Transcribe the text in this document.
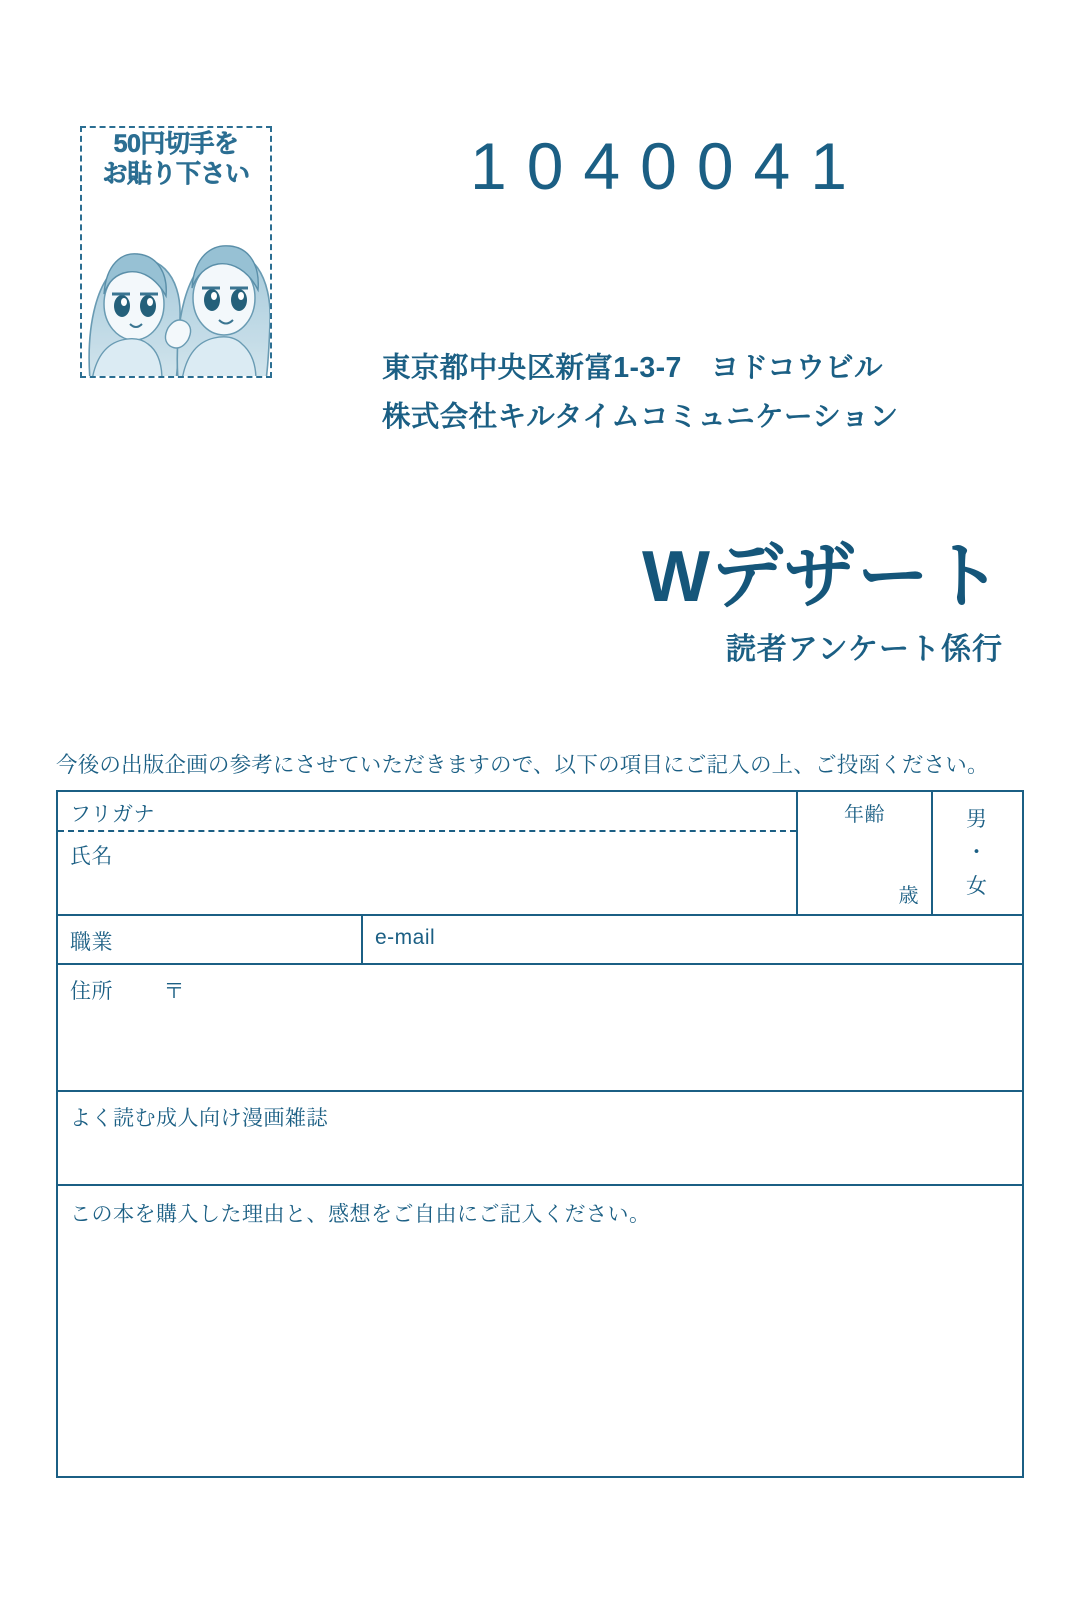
50円切手を
お貼り下さい	1040041
東京都中央区新富1-3-7　ヨドコウビル
株式会社キルタイムコミュニケーション
Wデザート
読者アンケート係行
今後の出版企画の参考にさせていただきますので、以下の項目にご記入の上、ご投函ください。
フリガナ
氏名
年齢
歳
男
・
女
職業	e-mail
住所 〒
よく読む成人向け漫画雑誌
この本を購入した理由と、感想をご自由にご記入ください。
